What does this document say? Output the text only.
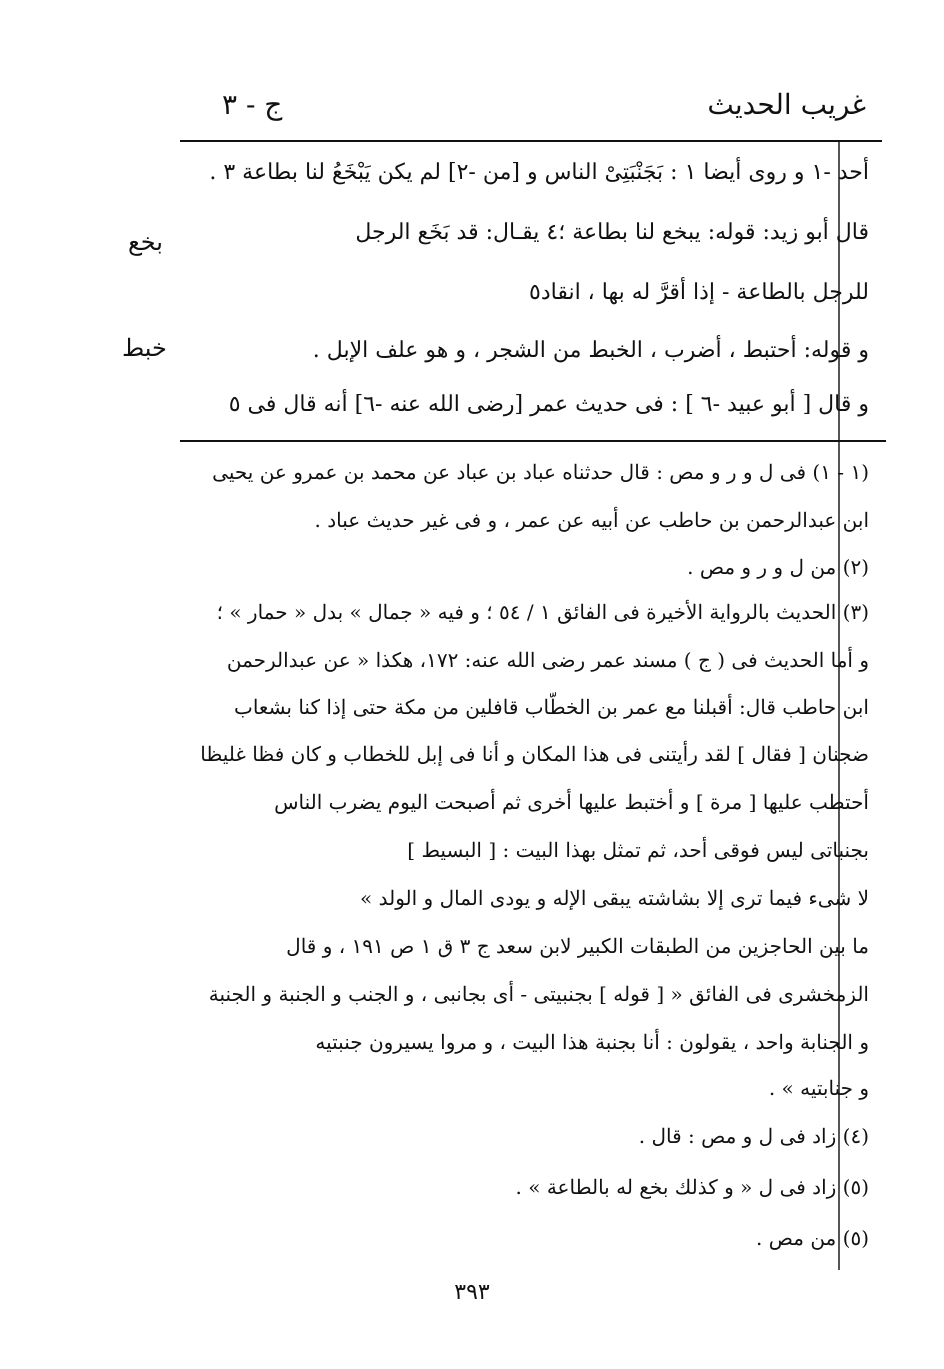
غريب الحديث
ج - ٣
أحد -١ و روى أيضا ١ : بَجَنْبَتِىْ الناس و [من -٢] لم يكن يَبْخَعُ لنا بطاعة ٣ .
قال أبو زيد: قوله: يبخع لنا بطاعة ؛٤ يقـال: قد بَخَع الرجل
للرجل بالطاعة - إذا أقرَّ له بها ، انقاد٥
و قوله: أحتبط ، أضرب ، الخبط من الشجر ، و هو علف الإبل .
و قال [ أبو عبيد -٦ ] : فى حديث عمر [رضى الله عنه -٦] أنه قال فى ٥
بخع
خبط
(١ - ١) فى ل و ر و مص : قال حدثناه عباد بن عباد عن محمد بن عمرو عن يحيى
ابن عبدالرحمن بن حاطب عن أبيه عن عمر ، و فى غير حديث عباد .
(٢) من ل و ر و مص .
(٣) الحديث بالرواية الأخيرة فى الفائق ١ / ٥٤ ؛ و فيه « جمال » بدل « حمار » ؛
و أما الحديث فى ( ج ) مسند عمر رضى الله عنه: ١٧٢، هكذا « عن عبدالرحمن
ابن حاطب قال: أقبلنا مع عمر بن الخطّاب قافلين من مكة حتى إذا كنا بشعاب
ضجنان [ فقال ] لقد رأيتنى فى هذا المكان و أنا فى إبل للخطاب و كان فظا غليظا
أحتطب عليها [ مرة ] و أختبط عليها أخرى ثم أصبحت اليوم يضرب الناس
بجنباتى ليس فوقى أحد، ثم تمثل بهذا البيت : [ البسيط ]
لا شىء فيما ترى إلا بشاشته يبقى الإله و يودى المال و الولد »
ما بين الحاجزين من الطبقات الكبير لابن سعد ج ٣ ق ١ ص ١٩١ ، و قال
الزمخشرى فى الفائق « [ قوله ] بجنبيتى - أى بجانبى ، و الجنب و الجنبة و الجنبة
و الجنابة واحد ، يقولون : أنا بجنبة هذا البيت ، و مروا يسيرون جنبتيه
و جنابتيه » .
(٤) زاد فى ل و مص : قال .
(٥) زاد فى ل « و كذلك بخع له بالطاعة » .
(٥) من مص .
٣٩٣
